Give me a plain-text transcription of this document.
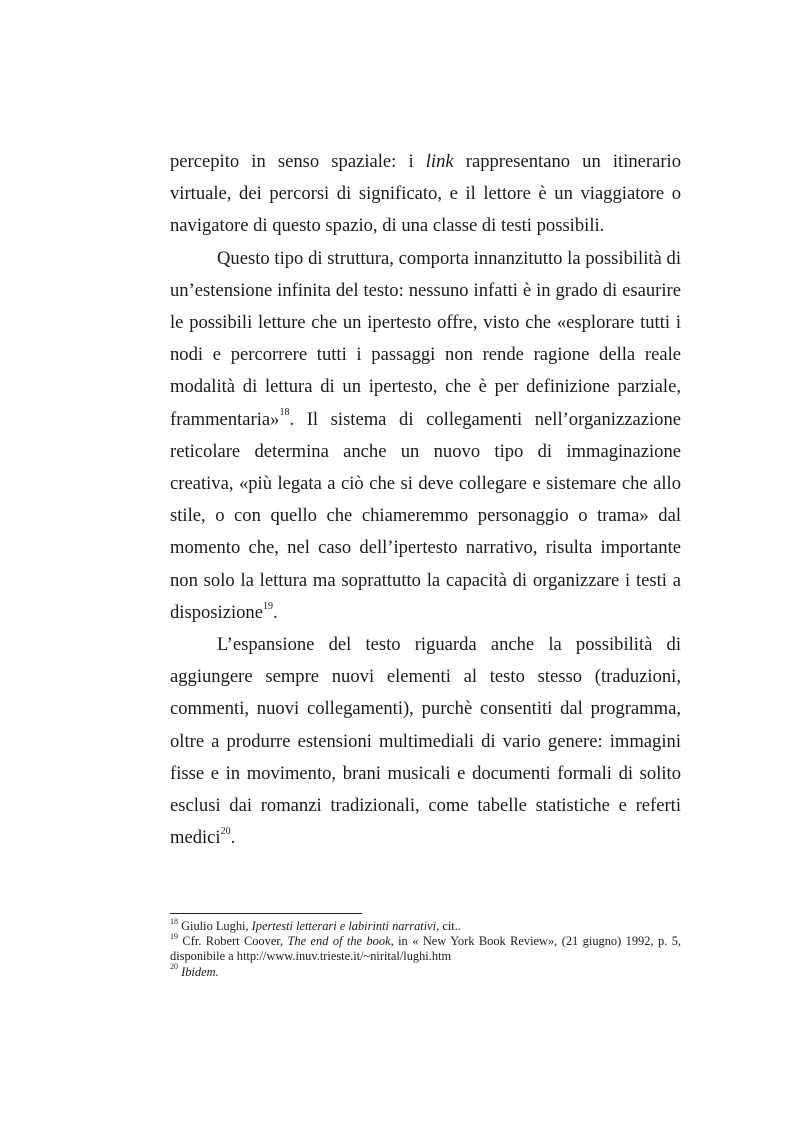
percepito in senso spaziale: i link rappresentano un itinerario virtuale, dei percorsi di significato, e il lettore è un viaggiatore o navigatore di questo spazio, di una classe di testi possibili.

Questo tipo di struttura, comporta innanzitutto la possibilità di un’estensione infinita del testo: nessuno infatti è in grado di esaurire le possibili letture che un ipertesto offre, visto che «esplorare tutti i nodi e percorrere tutti i passaggi non rende ragione della reale modalità di lettura di un ipertesto, che è per definizione parziale, frammentaria»$^{18}$. Il sistema di collegamenti nell’organizzazione reticolare determina anche un nuovo tipo di immaginazione creativa, «più legata a ciò che si deve collegare e sistemare che allo stile, o con quello che chiameremmo personaggio o trama» dal momento che, nel caso dell’ipertesto narrativo, risulta importante non solo la lettura ma soprattutto la capacità di organizzare i testi a disposizione$^{19}$.

L’espansione del testo riguarda anche la possibilità di aggiungere sempre nuovi elementi al testo stesso (traduzioni, commenti, nuovi collegamenti), purchè consentiti dal programma, oltre a produrre estensioni multimediali di vario genere: immagini fisse e in movimento, brani musicali e documenti formali di solito esclusi dai romanzi tradizionali, come tabelle statistiche e referti medici$^{20}$.

$^{18}$ Giulio Lughi, Ipertesti letterari e labirinti narrativi, cit..

$^{19}$ Cfr. Robert Coover, The end of the book, in « New York Book Review», (21 giugno) 1992, p. 5, disponibile a http://www.inuv.trieste.it/~nirital/lughi.htm

$^{20}$ Ibidem.
